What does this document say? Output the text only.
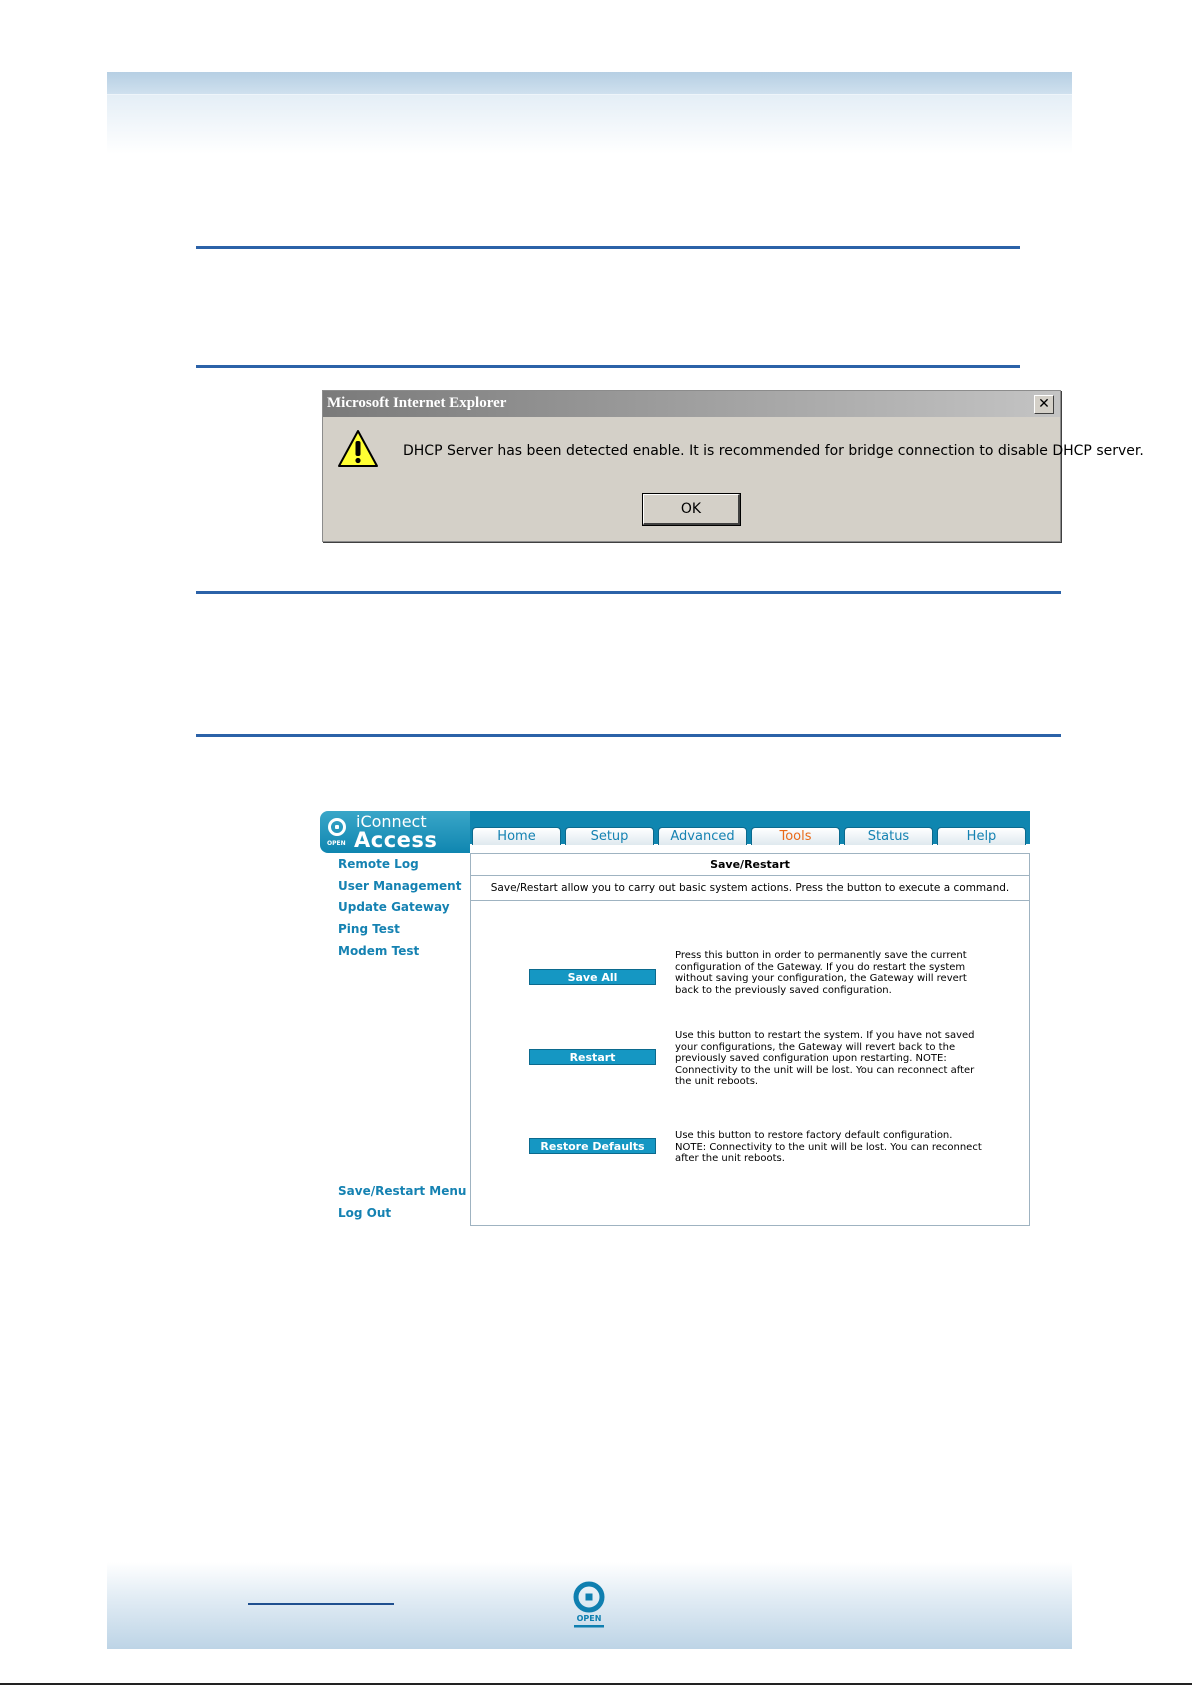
Microsoft Internet Explorer	✕
DHCP Server has been detected enable. It is recommended for bridge connection to disable DHCP server.
OK
OPEN
iConnect
Access	Home	Setup	Advanced	Tools	Status	Help
Remote Log
User Management
Update Gateway
Ping Test
Modem Test
Save/Restart Menu
Log Out
Save/Restart
Save/Restart allow you to carry out basic system actions. Press the button to execute a command.
Save All
Press this button in order to permanently save the current configuration of the Gateway. If you do restart the system without saving your configuration, the Gateway will revert back to the previously saved configuration.
Restart
Use this button to restart the system. If you have not saved your configurations, the Gateway will revert back to the previously saved configuration upon restarting. NOTE: Connectivity to the unit will be lost. You can reconnect after the unit reboots.
Restore Defaults
Use this button to restore factory default configuration. NOTE: Connectivity to the unit will be lost. You can reconnect after the unit reboots.
OPEN
